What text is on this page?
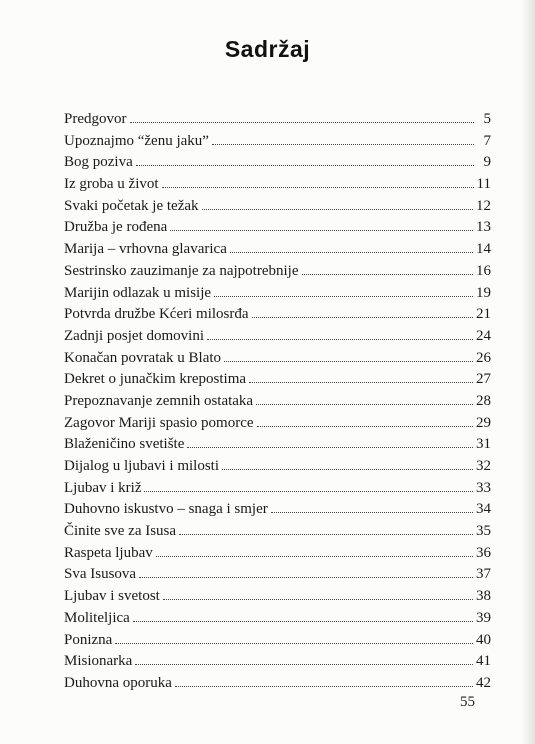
Sadržaj
Predgovor	5
Upoznajmo “ženu jaku”	7
Bog poziva	9
Iz groba u život	11
Svaki početak je težak	12
Družba je rođena	13
Marija – vrhovna glavarica	14
Sestrinsko zauzimanje za najpotrebnije	16
Marijin odlazak u misije	19
Potvrda družbe Kćeri milosrđa	21
Zadnji posjet domovini	24
Konačan povratak u Blato	26
Dekret o junačkim krepostima	27
Prepoznavanje zemnih ostataka	28
Zagovor Mariji spasio pomorce	29
Blaženičino svetište	31
Dijalog u ljubavi i milosti	32
Ljubav i križ	33
Duhovno iskustvo – snaga i smjer	34
Činite sve za Isusa	35
Raspeta ljubav	36
Sva Isusova	37
Ljubav i svetost	38
Moliteljica	39
Ponizna	40
Misionarka	41
Duhovna oporuka	42
55
